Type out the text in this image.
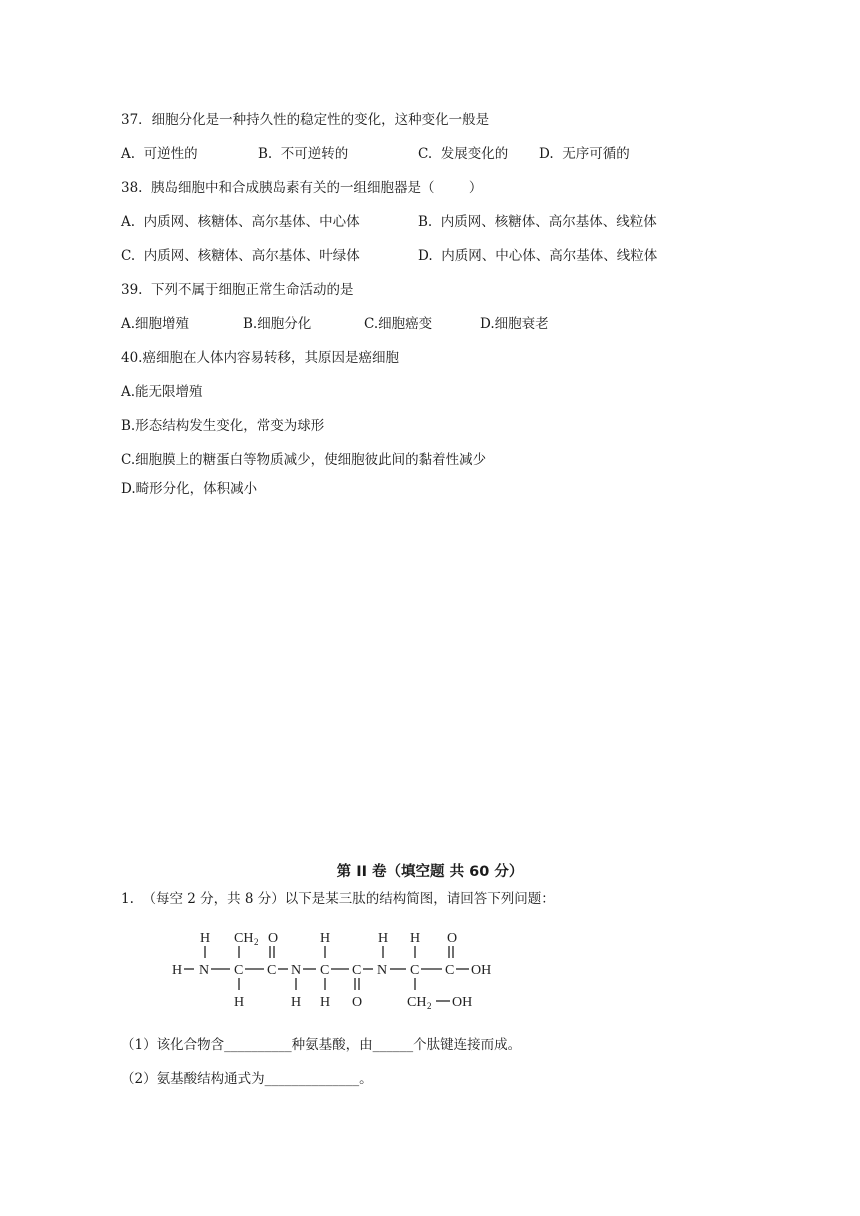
37．细胞分化是一种持久性的稳定性的变化，这种变化一般是
A.  可逆性的	B.  不可逆转的	C.  发展变化的 D.  无序可循的
38.  胰岛细胞中和合成胰岛素有关的一组细胞器是（        ）
A.  内质网、核糖体、高尔基体、中心体	B.  内质网、核糖体、高尔基体、线粒体
C.  内质网、核糖体、高尔基体、叶绿体	D.  内质网、中心体、高尔基体、线粒体
39.  下列不属于细胞正常生命活动的是
A.细胞增殖	B.细胞分化	C.细胞癌变	D.细胞衰老
40.癌细胞在人体内容易转移，其原因是癌细胞
A.能无限增殖
B.形态结构发生变化，常变为球形
C.细胞膜上的糖蛋白等物质减少，使细胞彼此间的黏着性减少
D.畸形分化，体积减小
第 II 卷（填空题 共 60 分）
1.  （每空 2 分，共 8 分）以下是某三肽的结构简图，请回答下列问题：
H CH 2 O	H	H H O
H N C C N C C N C C OH
H	H H O	CH 2 OH
（1）该化合物含__________种氨基酸，由______个肽键连接而成。
（2）氨基酸结构通式为______________。
